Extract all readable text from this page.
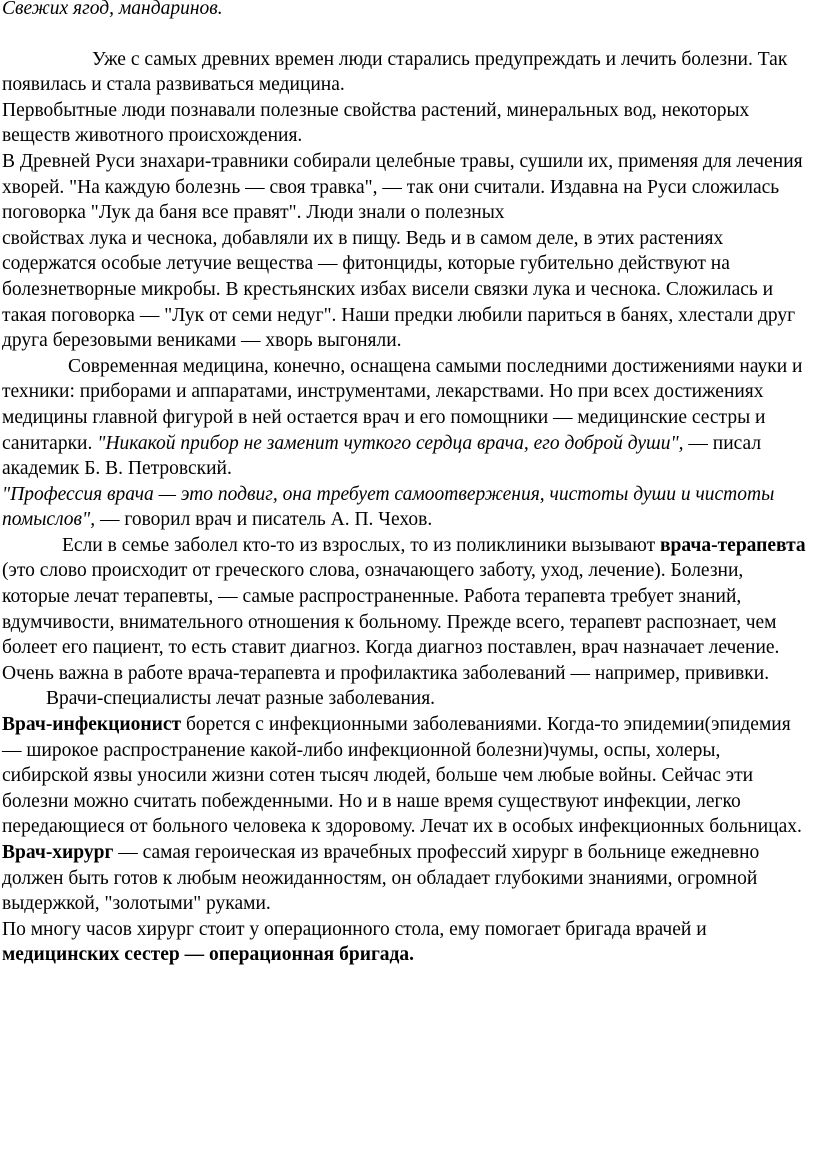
Свежих ягод, мандаринов.

Уже с самых древних времен люди старались предупреждать и лечить болезни. Так появилась и стала развиваться медицина.

Первобытные люди познавали полезные свойства растений, минеральных вод, некоторых веществ животного происхождения.

В Древней Руси знахари-травники собирали целебные травы, сушили их, применяя для лечения хворей. "На каждую болезнь — своя травка", — так они считали. Издавна на Руси сложилась поговорка "Лук да баня все правят". Люди знали о полезных

свойствах лука и чеснока, добавляли их в пищу. Ведь и в самом деле, в этих растениях содержатся особые летучие вещества — фитонциды, которые губительно действуют на болезнетворные микробы. В крестьянских избах висели связки лука и чеснока. Сложилась и такая поговорка — "Лук от семи недуг". Наши предки любили париться в банях, хлестали друг друга березовыми вениками — хворь выгоняли.

Современная медицина, конечно, оснащена самыми последними достижениями науки и техники: приборами и аппаратами, инструментами, лекарствами. Но при всех достижениях медицины главной фигурой в ней остается врач и его помощники — медицинские сестры и санитарки. "Никакой прибор не заменит чуткого сердца врача, его доброй души", — писал академик Б. В. Петровский.

"Профессия врача — это подвиг, она требует самоотвержения, чистоты души и чистоты помыслов", — говорил врач и писатель А. П. Чехов.

Если в семье заболел кто-то из взрослых, то из поликлиники вызывают врача-терапевта (это слово происходит от греческого слова, означающего заботу, уход, лечение). Болезни, которые лечат терапевты, — самые распространенные. Работа терапевта требует знаний, вдумчивости, внимательного отношения к больному. Прежде всего, терапевт распознает, чем болеет его пациент, то есть ставит диагноз. Когда диагноз поставлен, врач назначает лечение. Очень важна в работе врача-терапевта и профилактика заболеваний — например, прививки.

Врачи-специалисты лечат разные заболевания.

Врач-инфекционист борется с инфекционными заболеваниями. Когда-то эпидемии(эпидемия — широкое распространение какой-либо инфекционной болезни)чумы, оспы, холеры, сибирской язвы уносили жизни сотен тысяч людей, больше чем любые войны. Сейчас эти болезни можно считать побежденными. Но и в наше время существуют инфекции, легко передающиеся от больного человека к здоровому. Лечат их в особых инфекционных больницах.

Врач-хирург — самая героическая из врачебных профессий хирург в больнице ежедневно должен быть готов к любым неожиданностям, он обладает глубокими знаниями, огромной выдержкой, "золотыми" руками.

По многу часов хирург стоит у операционного стола, ему помогает бригада врачей и медицинских сестер — операционная бригада.
